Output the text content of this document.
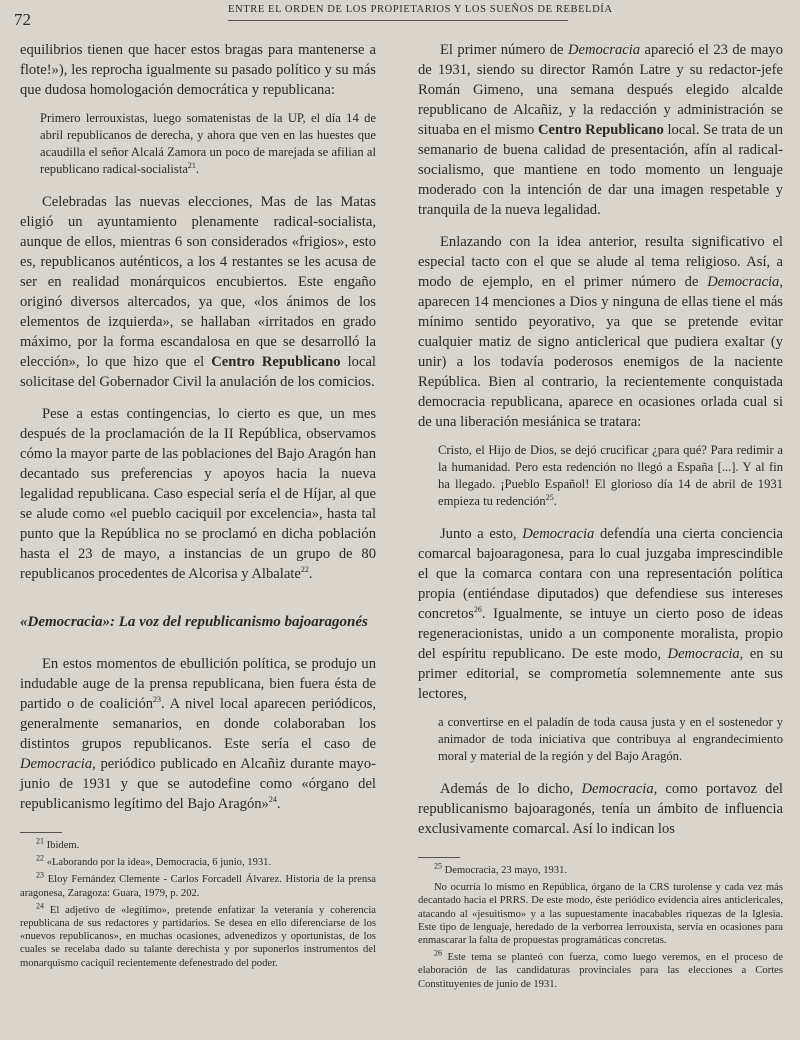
72
ENTRE EL ORDEN DE LOS PROPIETARIOS Y LOS SUEÑOS DE REBELDÍA

equilibrios tienen que hacer estos bragas para mantenerse a flote!»), les reprocha igualmente su pasado político y su más que dudosa homologación democrática y republicana:

Primero lerrouxistas, luego somatenistas de la UP, el día 14 de abril republicanos de derecha, y ahora que ven en las huestes que acaudilla el señor Alcalá Zamora un poco de marejada se afilian al republicano radical-socialista$^{21}$.

Celebradas las nuevas elecciones, Mas de las Matas eligió un ayuntamiento plenamente radical-socialista, aunque de ellos, mientras 6 son considerados «frigios», esto es, republicanos auténticos, a los 4 restantes se les acusa de ser en realidad monárquicos encubiertos. Este engaño originó diversos altercados, ya que, «los ánimos de los elementos de izquierda», se hallaban «irritados en grado máximo, por la forma escandalosa en que se desarrolló la elección», lo que hizo que el Centro Republicano local solicitase del Gobernador Civil la anulación de los comicios.

Pese a estas contingencias, lo cierto es que, un mes después de la proclamación de la II República, observamos cómo la mayor parte de las poblaciones del Bajo Aragón han decantado sus preferencias y apoyos hacia la nueva legalidad republicana. Caso especial sería el de Híjar, al que se alude como «el pueblo caciquil por excelencia», hasta tal punto que la República no se proclamó en dicha población hasta el 23 de mayo, a instancias de un grupo de 80 republicanos procedentes de Alcorisa y Albalate$^{22}$.

«Democracia»: La voz del republicanismo bajoaragonés

En estos momentos de ebullición política, se produjo un indudable auge de la prensa republicana, bien fuera ésta de partido o de coalición$^{23}$. A nivel local aparecen periódicos, generalmente semanarios, en donde colaboraban los distintos grupos republicanos. Este sería el caso de Democracia, periódico publicado en Alcañiz durante mayo-junio de 1931 y que se autodefine como «órgano del republicanismo legítimo del Bajo Aragón»$^{24}$.

$^{21}$ Ibidem.

$^{22}$ «Laborando por la idea», Democracia, 6 junio, 1931.

$^{23}$ Eloy Fernández Clemente - Carlos Forcadell Álvarez. Historia de la prensa aragonesa, Zaragoza: Guara, 1979, p. 202.

$^{24}$ El adjetivo de «legítimo», pretende enfatizar la veteranía y coherencia republicana de sus redactores y partidarios. Se desea en ello diferenciarse de los «nuevos republicanos», en muchas ocasiones, advenedizos y oportunistas, de los cuales se recelaba dado su talante derechista y por suponerlos instrumentos del monarquismo caciquil recientemente defenestrado del poder.

El primer número de Democracia apareció el 23 de mayo de 1931, siendo su director Ramón Latre y su redactor-jefe Román Gimeno, una semana después elegido alcalde republicano de Alcañiz, y la redacción y administración se situaba en el mismo Centro Republicano local. Se trata de un semanario de buena calidad de presentación, afín al radical-socialismo, que mantiene en todo momento un lenguaje moderado con la intención de dar una imagen respetable y tranquila de la nueva legalidad.

Enlazando con la idea anterior, resulta significativo el especial tacto con el que se alude al tema religioso. Así, a modo de ejemplo, en el primer número de Democracia, aparecen 14 menciones a Dios y ninguna de ellas tiene el más mínimo sentido peyorativo, ya que se pretende evitar cualquier matiz de signo anticlerical que pudiera exaltar (y unir) a los todavía poderosos enemigos de la naciente República. Bien al contrario, la recientemente conquistada democracia republicana, aparece en ocasiones orlada cual si de una liberación mesiánica se tratara:

Cristo, el Hijo de Dios, se dejó crucificar ¿para qué? Para redimir a la humanidad. Pero esta redención no llegó a España [...]. Y al fin ha llegado. ¡Pueblo Español! El glorioso día 14 de abril de 1931 empieza tu redención$^{25}$.

Junto a esto, Democracia defendía una cierta conciencia comarcal bajoaragonesa, para lo cual juzgaba imprescindible el que la comarca contara con una representación política propia (entiéndase diputados) que defendiese sus intereses concretos$^{26}$. Igualmente, se intuye un cierto poso de ideas regeneracionistas, unido a un componente moralista, propio del espíritu republicano. De este modo, Democracia, en su primer editorial, se comprometía solemnemente ante sus lectores,

a convertirse en el paladín de toda causa justa y en el sostenedor y animador de toda iniciativa que contribuya al engrandecimiento moral y material de la región y del Bajo Aragón.

Además de lo dicho, Democracia, como portavoz del republicanismo bajoaragonés, tenía un ámbito de influencia exclusivamente comarcal. Así lo indican los

$^{25}$ Democracia, 23 mayo, 1931.

No ocurría lo mismo en República, órgano de la CRS turolense y cada vez más decantado hacia el PRRS. De este modo, éste periódico evidencia aires anticlericales, atacando al «jesuitismo» y a las supuestamente inacabables riquezas de la Iglesia. Este tipo de lenguaje, heredado de la verborrea lerrouxista, servía en ocasiones para enmascarar la falta de propuestas programáticas concretas.

$^{26}$ Este tema se planteó con fuerza, como luego veremos, en el proceso de elaboración de las candidaturas provinciales para las elecciones a Cortes Constituyentes de junio de 1931.
